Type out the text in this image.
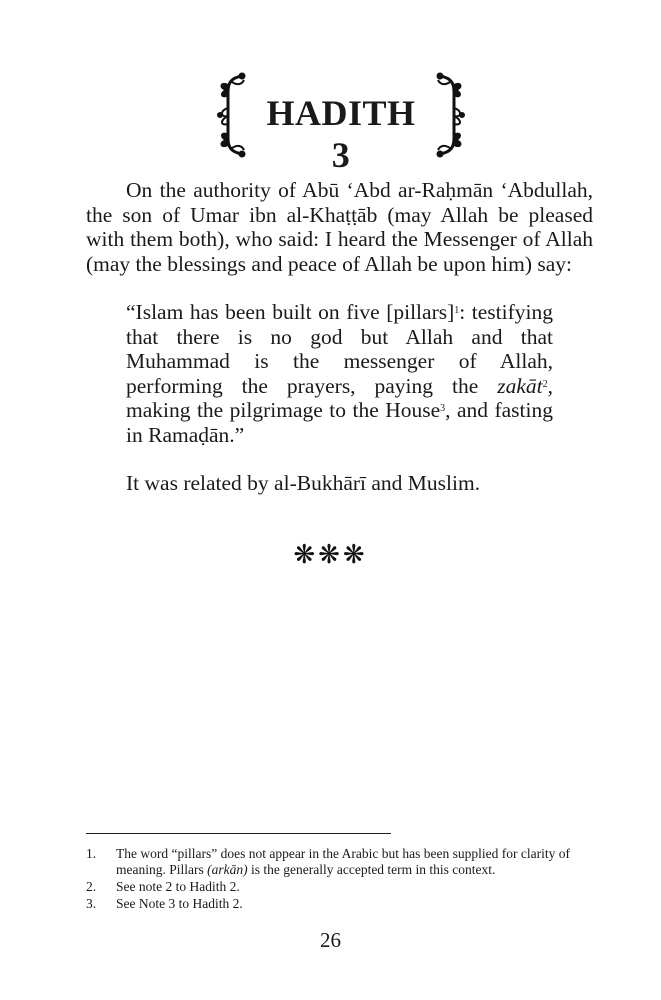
HADITH 3

On the authority of Abū ‘Abd ar-Raḥmān ‘Abdullah, the son of Umar ibn al-Khaṭṭāb (may Allah be pleased with them both), who said: I heard the Messenger of Allah (may the blessings and peace of Allah be upon him) say:

“Islam has been built on five [pillars]$^1$: testifying that there is no god but Allah and that Muhammad is the messenger of Allah, performing the prayers, paying the zakāt$^2$, making the pilgrimage to the House$^3$, and fasting in Ramaḍān.”

It was related by al-Bukhārī and Muslim.

❋❋❋

1. The word “pillars” does not appear in the Arabic but has been supplied for clarity of meaning. Pillars (arkān) is the generally accepted term in this context.

2. See note 2 to Hadith 2.

3. See Note 3 to Hadith 2.

26
